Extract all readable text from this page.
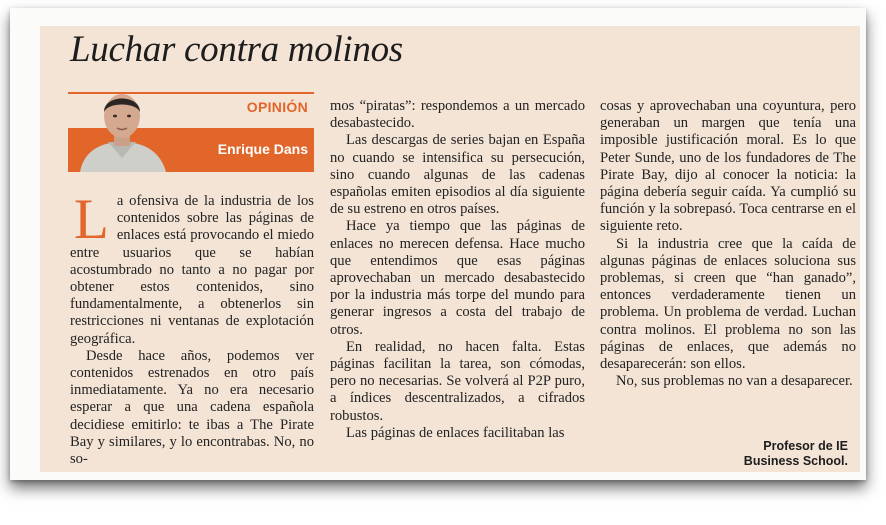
Luchar contra molinos
OPINIÓN
Enrique Dans

La ofensiva de la industria de los contenidos sobre las páginas de enlaces está provocando el miedo entre usuarios que se habían acostumbrado no tanto a no pagar por obtener estos contenidos, sino fundamentalmente, a obtenerlos sin restricciones ni ventanas de explotación geográfica.

Desde hace años, podemos ver contenidos estrenados en otro país inmediatamente. Ya no era necesario esperar a que una cadena española decidiese emitirlo: te ibas a The Pirate Bay y similares, y lo encontrabas. No, no so-

mos “piratas”: respondemos a un mercado desabastecido.

Las descargas de series bajan en España no cuando se intensifica su persecución, sino cuando algunas de las cadenas españolas emiten episodios al día siguiente de su estreno en otros países.

Hace ya tiempo que las páginas de enlaces no merecen defensa. Hace mucho que entendimos que esas páginas aprovechaban un mercado desabastecido por la industria más torpe del mundo para generar ingresos a costa del trabajo de otros.

En realidad, no hacen falta. Estas páginas facilitan la tarea, son cómodas, pero no necesarias. Se volverá al P2P puro, a índices descentralizados, a cifrados robustos.

Las páginas de enlaces facilitaban las

cosas y aprovechaban una coyuntura, pero generaban un margen que tenía una imposible justificación moral. Es lo que Peter Sunde, uno de los fundadores de The Pirate Bay, dijo al conocer la noticia: la página debería seguir caída. Ya cumplió su función y la sobrepasó. Toca centrarse en el siguiente reto.

Si la industria cree que la caída de algunas páginas de enlaces soluciona sus problemas, si creen que “han ganado”, entonces verdaderamente tienen un problema. Un problema de verdad. Luchan contra molinos. El problema no son las páginas de enlaces, que además no desaparecerán: son ellos.

No, sus problemas no van a desaparecer.

Profesor de IE
Business School.
